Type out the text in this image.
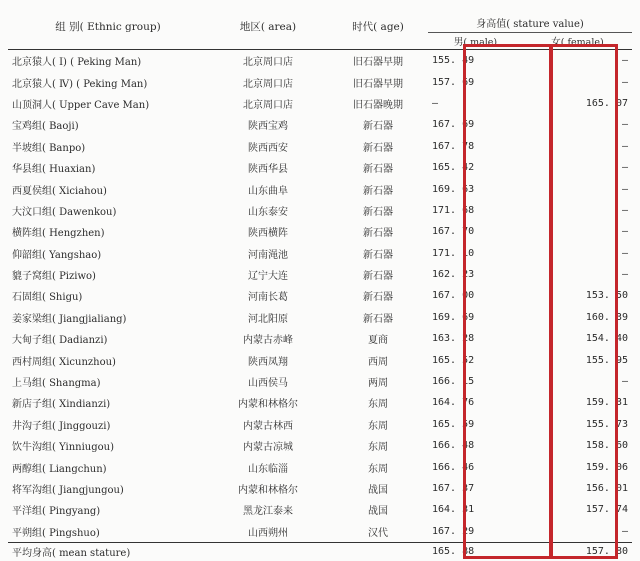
组 别( Ethnic group)	地区( area)	时代( age)	身高值( stature value)	
			男( male)	女( female)
北京猿人( Ⅰ) ( Peking Man)	北京周口店	旧石器早期	155. 49	—
北京猿人( Ⅳ) ( Peking Man)	北京周口店	旧石器早期	157. 69	—
山顶洞人( Upper Cave Man)	北京周口店	旧石器晚期	—	165. 07
宝鸡组( Baoji)	陕西宝鸡	新石器	167. 69	—
半坡组( Banpo)	陕西西安	新石器	167. 78	—
华县组( Huaxian)	陕西华县	新石器	165. 42	—
西夏侯组( Xiciahou)	山东曲阜	新石器	169. 63	—
大汶口组( Dawenkou)	山东泰安	新石器	171. 68	—
横阵组( Hengzhen)	陕西横阵	新石器	167. 70	—
仰韶组( Yangshao)	河南渑池	新石器	171. 10	—
貔子窝组( Piziwo)	辽宁大连	新石器	162. 23	—
石固组( Shigu)	河南长葛	新石器	167. 00	153. 50
姜家梁组( Jiangjialiang)	河北阳原	新石器	169. 69	160. 39
大甸子组( Dadianzi)	内蒙古赤峰	夏商	163. 28	154. 40
西村周组( Xicunzhou)	陕西凤翔	西周	165. 52	155. 95
上马组( Shangma)	山西侯马	两周	166. 15	—
新店子组( Xindianzi)	内蒙和林格尔	东周	164. 76	159. 31
井沟子组( Jinggouzi)	内蒙古林西	东周	165. 59	155. 73
饮牛沟组( Yinniugou)	内蒙古凉城	东周	166. 48	158. 60
两醇组( Liangchun)	山东临淄	东周	166. 46	159. 06
将军沟组( Jiangjungou)	内蒙和林格尔	战国	167. 37	156. 01
平洋组( Pingyang)	黑龙江泰来	战国	164. 31	157. 74
平朔组( Pingshuo)	山西朔州	汉代	167. 29	—
平均身高( mean stature)			165. 88	157. 80
